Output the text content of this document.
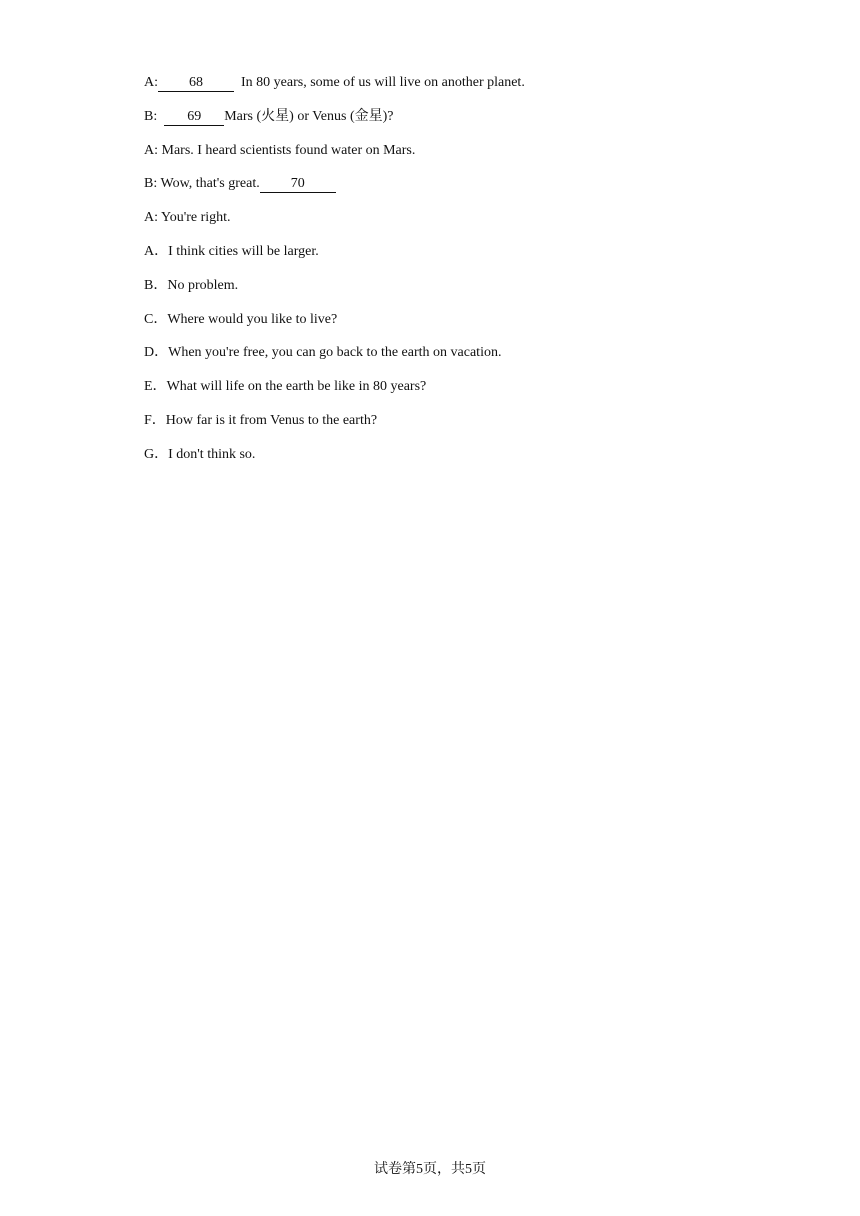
A: 68	In 80 years, some of us will live on another planet.
B: 69 Mars (火星) or Venus (金星)?
A: Mars. I heard scientists found water on Mars.
B: Wow, that's great. 70
A: You're right.
A．I think cities will be larger.
B．No problem.
C．Where would you like to live?
D．When you're free, you can go back to the earth on vacation.
E．What will life on the earth be like in 80 years?
F．How far is it from Venus to the earth?
G．I don't think so.
试卷第5页，共5页
